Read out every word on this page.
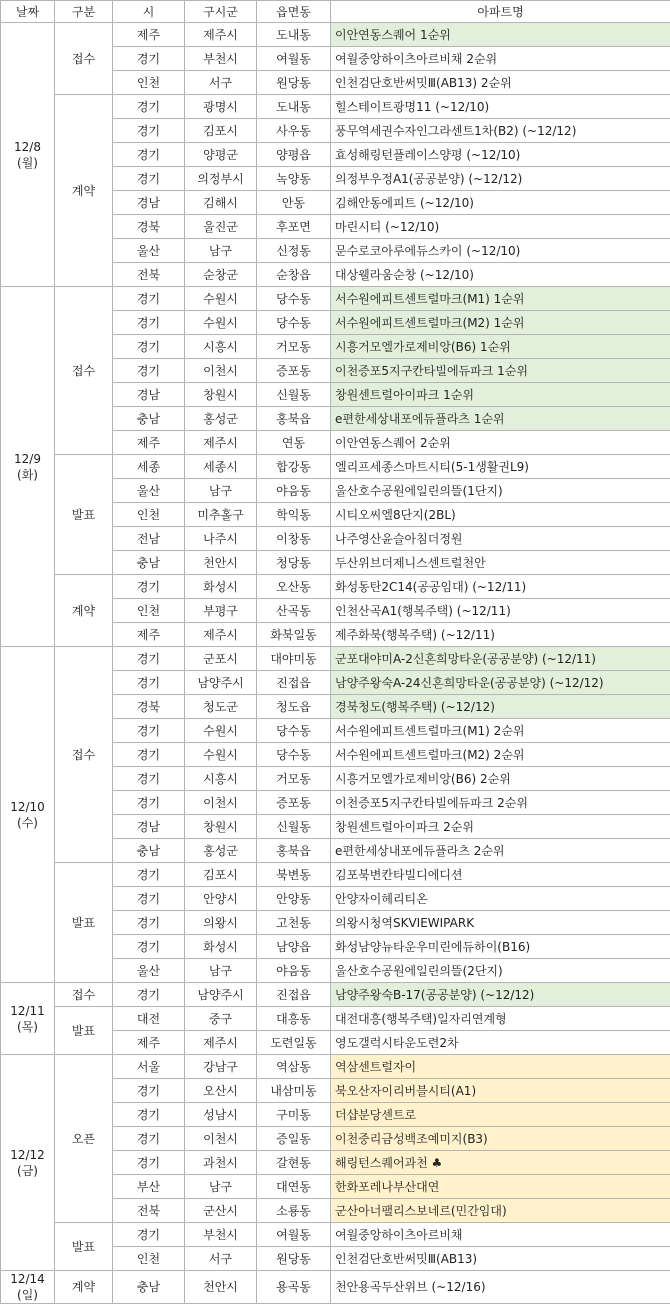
날짜	구분	시	구시군	읍면동	아파트명

12/8
(월)	접수	제주	제주시	도내동	이안연동스퀘어 1순위
		경기	부천시	여월동	여월중앙하이츠아르비채 2순위
		인천	서구	원당동	인천검단호반써밋Ⅲ(AB13) 2순위
	계약	경기	광명시	도내동	힐스테이트광명11 (~12/10)
		경기	김포시	사우동	풍무역세권수자인그라센트1차(B2) (~12/12)
		경기	양평군	양평읍	효성해링턴플레이스양평 (~12/10)
		경기	의정부시	녹양동	의정부우정A1(공공분양) (~12/12)
		경남	김해시	안동	김해안동에피트 (~12/10)
		경북	울진군	후포면	마린시티 (~12/10)
		울산	남구	신정동	문수로코아루에듀스카이 (~12/10)
		전북	순창군	순창읍	대상웰라움순창 (~12/10)

12/9
(화)	접수	경기	수원시	당수동	서수원에피트센트럴마크(M1) 1순위
		경기	수원시	당수동	서수원에피트센트럴마크(M2) 1순위
		경기	시흥시	거모동	시흥거모엘가로제비앙(B6) 1순위
		경기	이천시	증포동	이천증포5지구칸타빌에듀파크 1순위
		경남	창원시	신월동	창원센트럴아이파크 1순위
		충남	홍성군	홍북읍	e편한세상내포에듀플라츠 1순위
		제주	제주시	연동	이안연동스퀘어 2순위
	발표	세종	세종시	합강동	엘리프세종스마트시티(5-1생활권L9)
		울산	남구	야음동	울산호수공원에일린의뜰(1단지)
		인천	미추홀구	학익동	시티오씨엘8단지(2BL)
		전남	나주시	이창동	나주영산윤슬아침더정원
		충남	천안시	청당동	두산위브더제니스센트럴천안
	계약	경기	화성시	오산동	화성동탄2C14(공공임대) (~12/11)
		인천	부평구	산곡동	인천산곡A1(행복주택) (~12/11)
		제주	제주시	화북일동	제주화북(행복주택) (~12/11)

12/10
(수)	접수	경기	군포시	대야미동	군포대야미A-2신혼희망타운(공공분양) (~12/11)
		경기	남양주시	진접읍	남양주왕숙A-24신혼희망타운(공공분양) (~12/12)
		경북	청도군	청도읍	경북청도(행복주택) (~12/12)
		경기	수원시	당수동	서수원에피트센트럴마크(M1) 2순위
		경기	수원시	당수동	서수원에피트센트럴마크(M2) 2순위
		경기	시흥시	거모동	시흥거모엘가로제비앙(B6) 2순위
		경기	이천시	증포동	이천증포5지구칸타빌에듀파크 2순위
		경남	창원시	신월동	창원센트럴아이파크 2순위
		충남	홍성군	홍북읍	e편한세상내포에듀플라츠 2순위
	발표	경기	김포시	북변동	김포북변칸타빌디에디션
		경기	안양시	안양동	안양자이헤리티온
		경기	의왕시	고천동	의왕시청역SKVIEWIPARK
		경기	화성시	남양읍	화성남양뉴타운우미린에듀하이(B16)
		울산	남구	야음동	울산호수공원에일린의뜰(2단지)

12/11
(목)	접수	경기	남양주시	진접읍	남양주왕숙B-17(공공분양) (~12/12)
	발표	대전	중구	대흥동	대전대흥(행복주택)일자리연계형
		제주	제주시	도련일동	영도갤럭시타운도련2차

12/12
(금)	오픈	서울	강남구	역삼동	역삼센트럴자이
		경기	오산시	내삼미동	북오산자이리버블시티(A1)
		경기	성남시	구미동	더샵분당센트로
		경기	이천시	증일동	이천중리금성백조예미지(B3)
		경기	과천시	갈현동	해링턴스퀘어과천 ♣
		부산	남구	대연동	한화포레나부산대연
		전북	군산시	소룡동	군산아너팰리스보네르(민간임대)
	발표	경기	부천시	여월동	여월중앙하이츠아르비채
		인천	서구	원당동	인천검단호반써밋Ⅲ(AB13)

12/14
(일)	계약	충남	천안시	용곡동	천안용곡두산위브 (~12/16)
